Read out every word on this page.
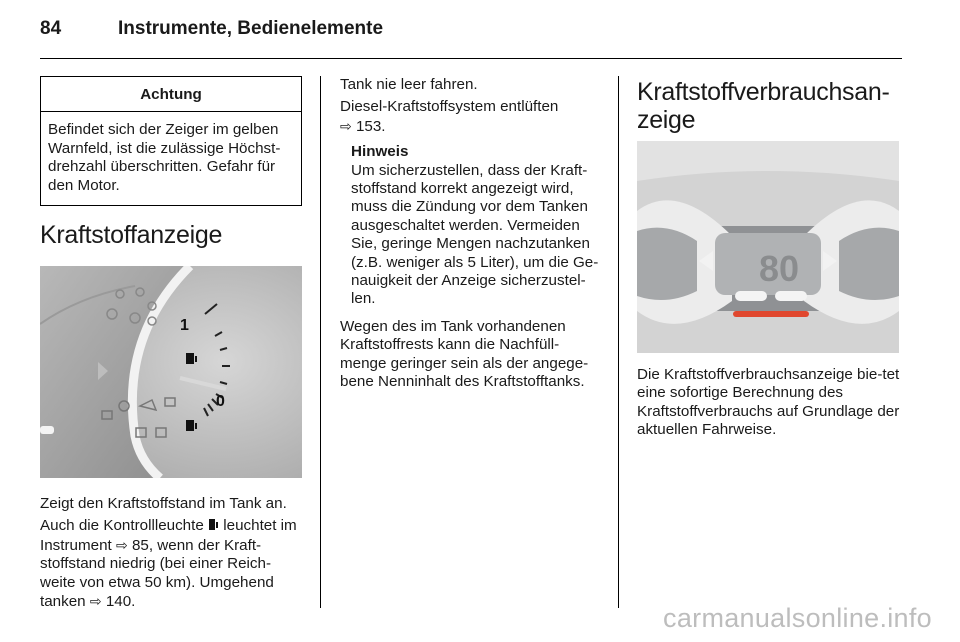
84	Instrumente, Bedienelemente
Achtung
Befindet sich der Zeiger im gelben Warnfeld, ist die zulässige Höchst-drehzahl überschritten. Gefahr für den Motor.
Kraftstoffanzeige
1
0

Zeigt den Kraftstoffstand im Tank an.

Auch die Kontrollleuchte leuchtet im Instrument ⇨ 85, wenn der Kraft-stoffstand niedrig (bei einer Reich-weite von etwa 50 km). Umgehend tanken ⇨ 140.

Tank nie leer fahren.

Diesel-Kraftstoffsystem entlüften
⇨ 153.

Hinweis
Um sicherzustellen, dass der Kraft-stoffstand korrekt angezeigt wird, muss die Zündung vor dem Tanken ausgeschaltet werden. Vermeiden Sie, geringe Mengen nachzutanken (z.B. weniger als 5 Liter), um die Ge-nauigkeit der Anzeige sicherzustel-len.

Wegen des im Tank vorhandenen Kraftstoffrests kann die Nachfüll-menge geringer sein als der angege-bene Nenninhalt des Kraftstofftanks.

Kraftstoffverbrauchsan-zeige
80

Die Kraftstoffverbrauchsanzeige bie-tet eine sofortige Berechnung des Kraftstoffverbrauchs auf Grundlage der aktuellen Fahrweise.

carmanualsonline.info
